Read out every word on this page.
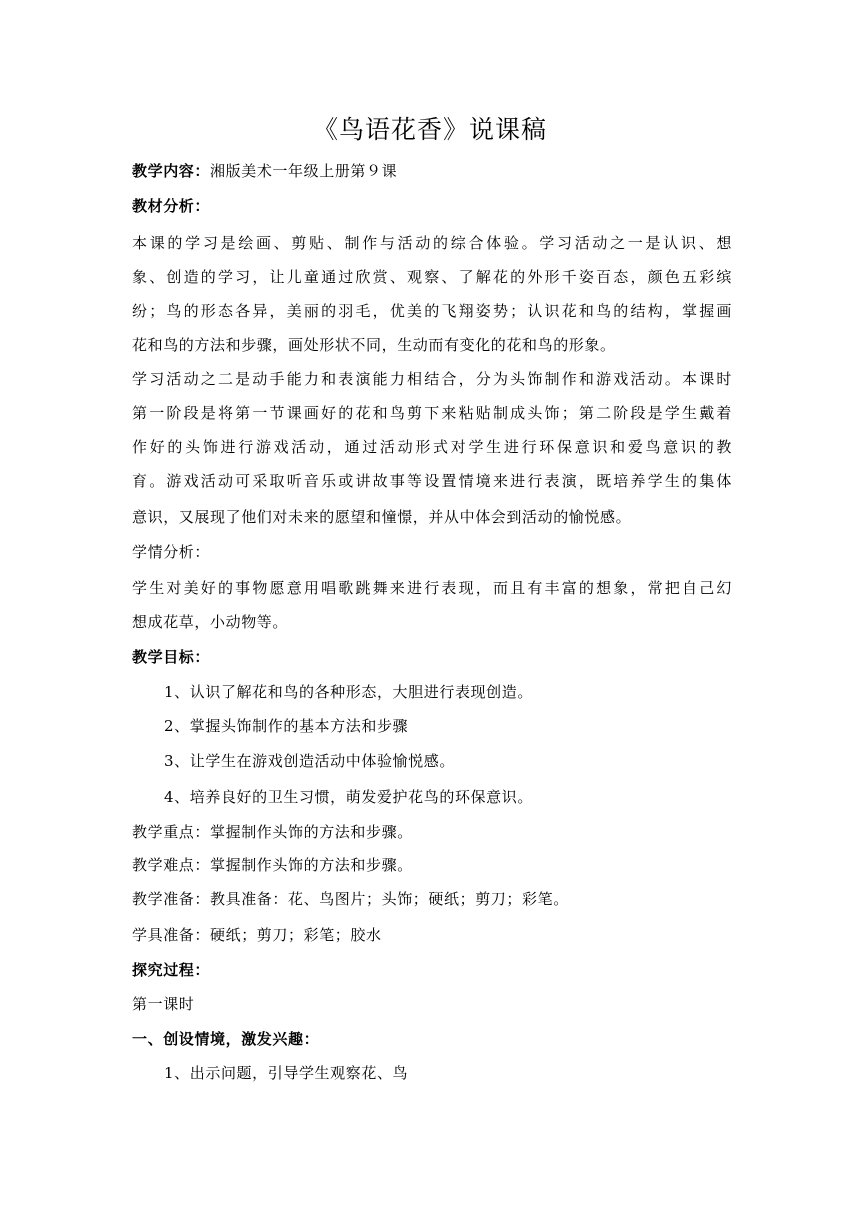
《鸟语花香》说课稿
教学内容：湘版美术一年级上册第９课
教材分析：
本课的学习是绘画、剪贴、制作与活动的综合体验。学习活动之一是认识、想
象、创造的学习，让儿童通过欣赏、观察、了解花的外形千姿百态，颜色五彩缤
纷；鸟的形态各异，美丽的羽毛，优美的飞翔姿势；认识花和鸟的结构，掌握画
花和鸟的方法和步骤，画处形状不同，生动而有变化的花和鸟的形象。
学习活动之二是动手能力和表演能力相结合，分为头饰制作和游戏活动。本课时
第一阶段是将第一节课画好的花和鸟剪下来粘贴制成头饰；第二阶段是学生戴着
作好的头饰进行游戏活动，通过活动形式对学生进行环保意识和爱鸟意识的教
育。游戏活动可采取听音乐或讲故事等设置情境来进行表演，既培养学生的集体
意识，又展现了他们对未来的愿望和憧憬，并从中体会到活动的愉悦感。
学情分析：
学生对美好的事物愿意用唱歌跳舞来进行表现，而且有丰富的想象，常把自己幻
想成花草，小动物等。
教学目标：
1、认识了解花和鸟的各种形态，大胆进行表现创造。
2、掌握头饰制作的基本方法和步骤
3、让学生在游戏创造活动中体验愉悦感。
4、培养良好的卫生习惯，萌发爱护花鸟的环保意识。
教学重点：掌握制作头饰的方法和步骤。
教学难点：掌握制作头饰的方法和步骤。
教学准备：教具准备：花、鸟图片；头饰；硬纸；剪刀；彩笔。
学具准备：硬纸；剪刀；彩笔；胶水
探究过程：
第一课时
一、创设情境，激发兴趣：
1、出示问题，引导学生观察花、鸟
